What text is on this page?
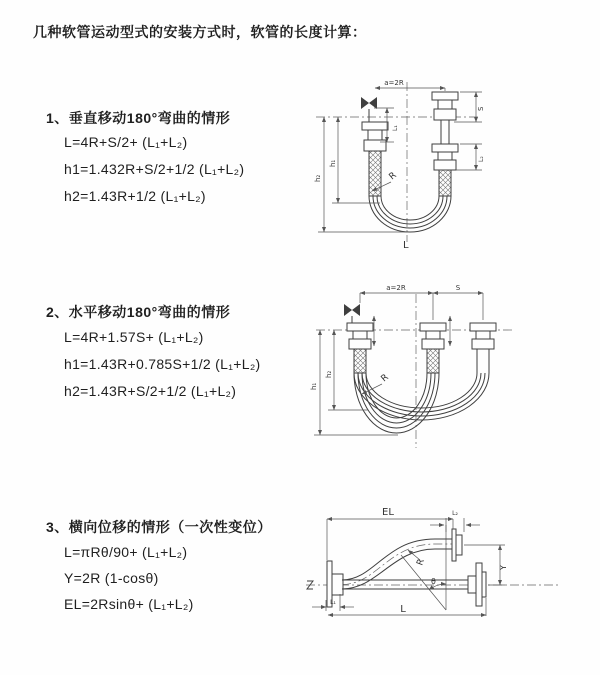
几种软管运动型式的安装方式时，软管的长度计算：
1、垂直移动180°弯曲的情形
L=4R+S/2+ (L₁+L₂)
h1=1.432R+S/2+1/2 (L₁+L₂)
h2=1.43R+1/2 (L₁+L₂)
2、水平移动180°弯曲的情形
L=4R+1.57S+ (L₁+L₂)
h1=1.43R+0.785S+1/2 (L₁+L₂)
h2=1.43R+S/2+1/2 (L₁+L₂)
3、横向位移的情形（一次性变位）
L=πRθ/90+ (L₁+L₂)
Y=2R (1-cosθ)
EL=2Rsinθ+ (L₁+L₂)
a=2R
h₂
h₁
L₁
S
L₂
R
L
a=2R	S
h₁
h₂	R
EL	L₂
Y
L
L₁
R
θ
